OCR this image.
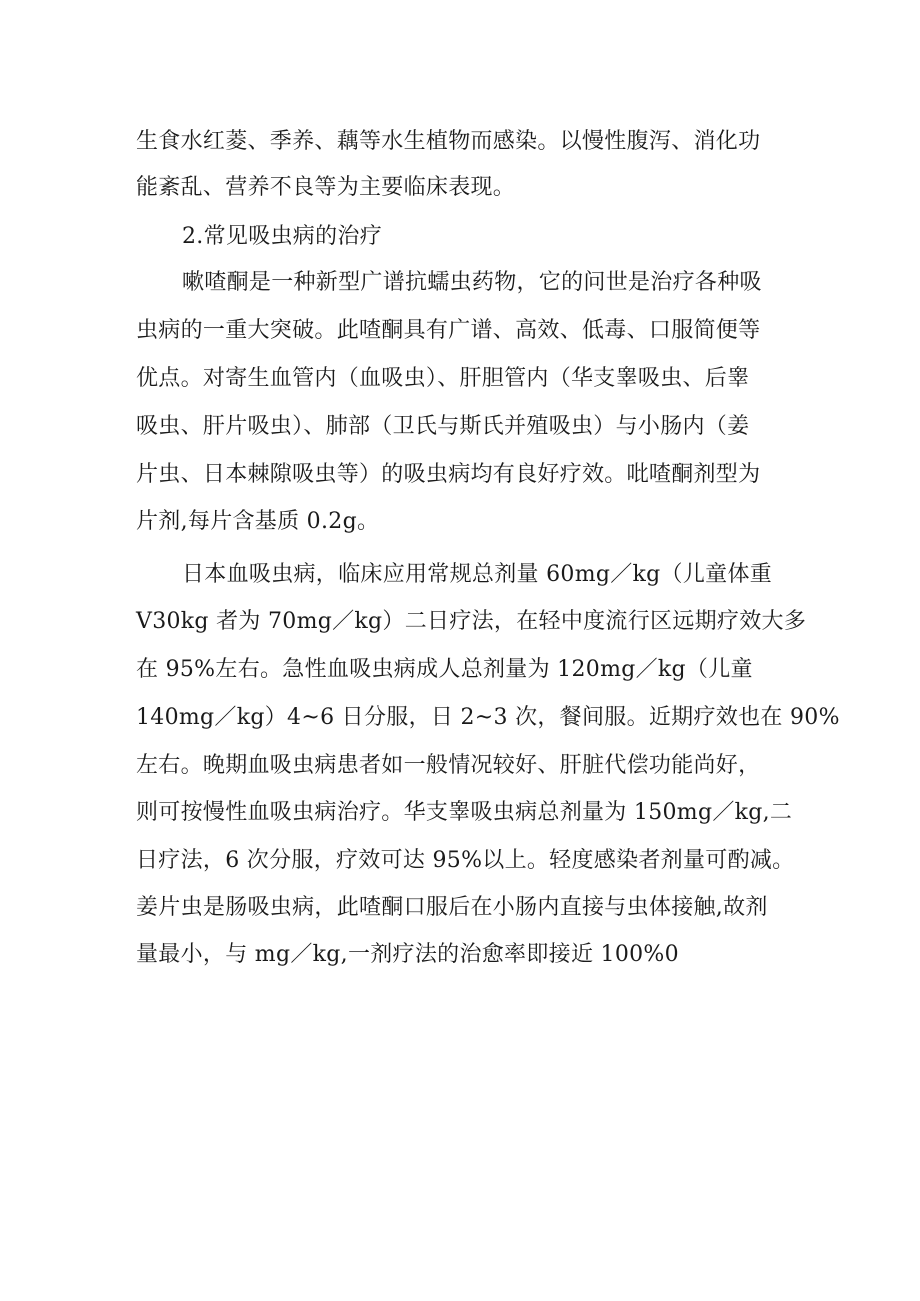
生食水红菱、季养、藕等水生植物而感染。以慢性腹泻、消化功
能紊乱、营养不良等为主要临床表现。
2.常见吸虫病的治疗
嗽喳酮是一种新型广谱抗蠕虫药物，它的问世是治疗各种吸
虫病的一重大突破。此喳酮具有广谱、高效、低毒、口服简便等
优点。对寄生血管内（血吸虫）、肝胆管内（华支睾吸虫、后睾
吸虫、肝片吸虫）、肺部（卫氏与斯氏并殖吸虫）与小肠内（姜
片虫、日本棘隙吸虫等）的吸虫病均有良好疗效。吡喳酮剂型为
片剂,每片含基质 0.2g。
日本血吸虫病，临床应用常规总剂量 60mg／kg（儿童体重
V30kg 者为 70mg／kg）二日疗法，在轻中度流行区远期疗效大多
在 95%左右。急性血吸虫病成人总剂量为 120mg／kg（儿童
140mg／kg）4~6 日分服，日 2~3 次，餐间服。近期疗效也在 90%
左右。晚期血吸虫病患者如一般情况较好、肝脏代偿功能尚好，
则可按慢性血吸虫病治疗。华支睾吸虫病总剂量为 150mg／kg,二
日疗法，6 次分服，疗效可达 95%以上。轻度感染者剂量可酌减。
姜片虫是肠吸虫病，此喳酮口服后在小肠内直接与虫体接触,故剂
量最小，与 mg／kg,一剂疗法的治愈率即接近 100%0
